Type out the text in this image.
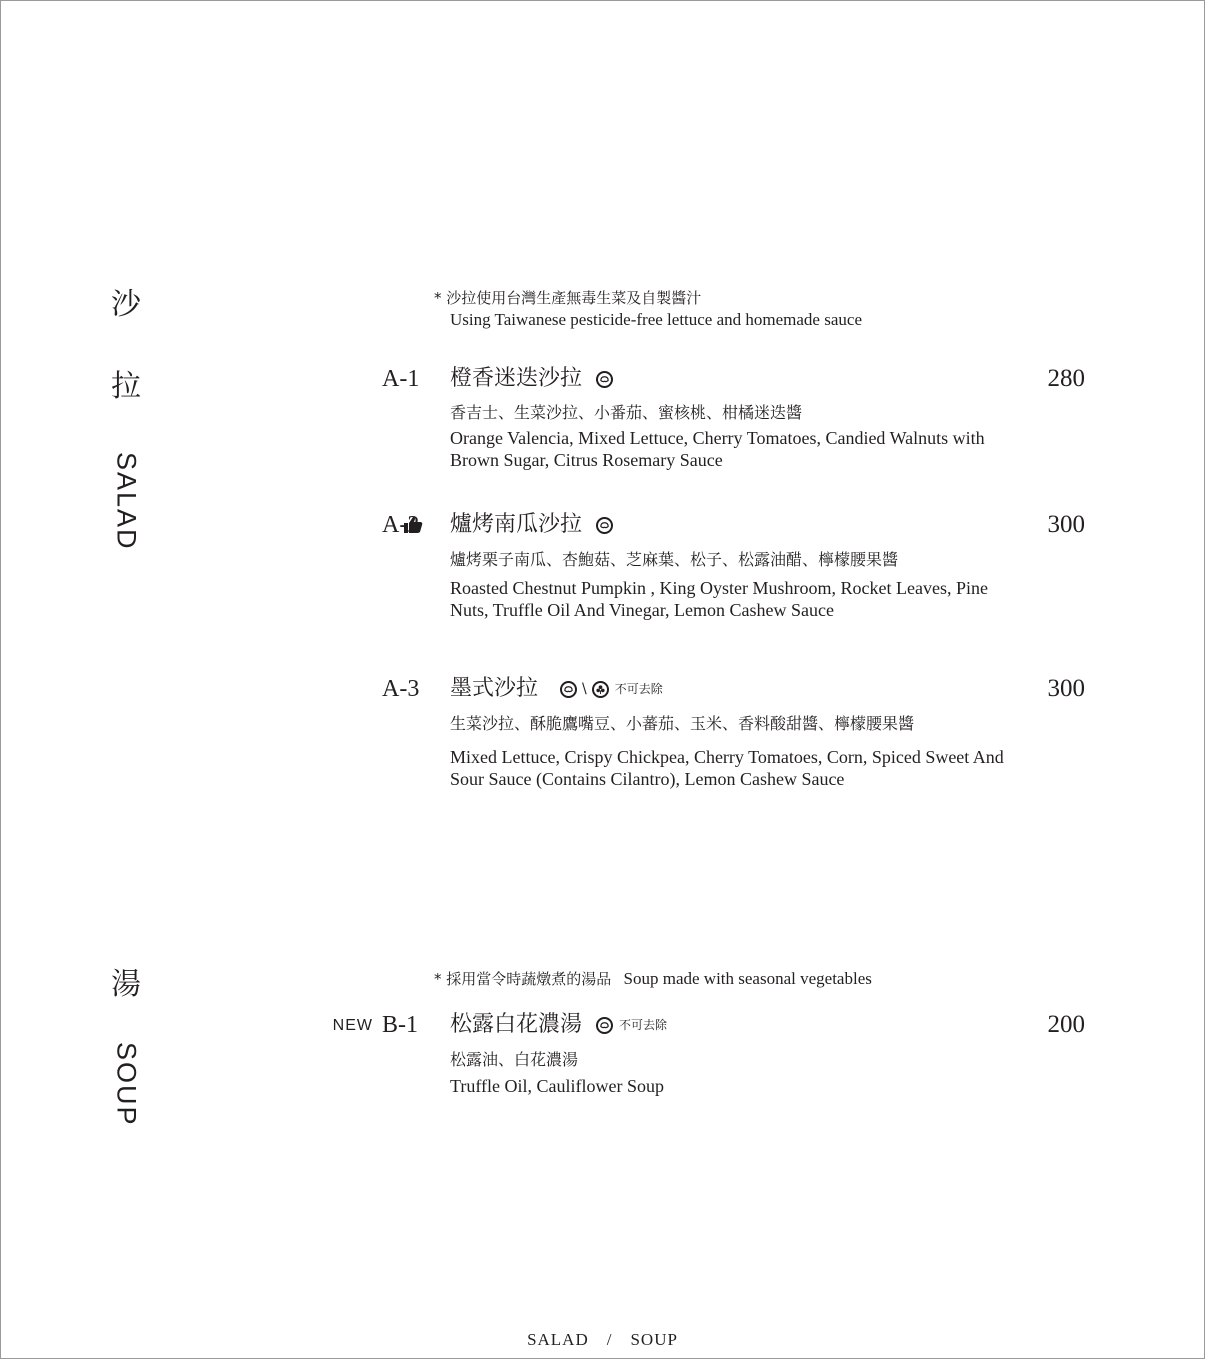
沙
拉
SALAD
* 沙拉使用台灣生產無毒生菜及自製醬汁
Using Taiwanese pesticide-free lettuce and homemade sauce
A-1 橙香迷迭沙拉	280
香吉士、生菜沙拉、小番茄、蜜核桃、柑橘迷迭醬
Orange Valencia, Mixed Lettuce, Cherry Tomatoes, Candied Walnuts with Brown Sugar, Citrus Rosemary Sauce
A-2 爐烤南瓜沙拉	300
爐烤栗子南瓜、杏鮑菇、芝麻葉、松子、松露油醋、檸檬腰果醬
Roasted Chestnut Pumpkin , King Oyster Mushroom, Rocket Leaves, Pine Nuts, Truffle Oil And Vinegar, Lemon Cashew Sauce
A-3 墨式沙拉	\ 不可去除	300
生菜沙拉、酥脆鷹嘴豆、小蕃茄、玉米、香料酸甜醬、檸檬腰果醬
Mixed Lettuce, Crispy Chickpea, Cherry Tomatoes, Corn, Spiced Sweet And Sour Sauce (Contains Cilantro), Lemon Cashew Sauce
湯
SOUP
* 採用當令時蔬燉煮的湯品 Soup made with seasonal vegetables
NEW B-1 松露白花濃湯	不可去除	200
松露油、白花濃湯
Truffle Oil, Cauliflower Soup
SALAD / SOUP
